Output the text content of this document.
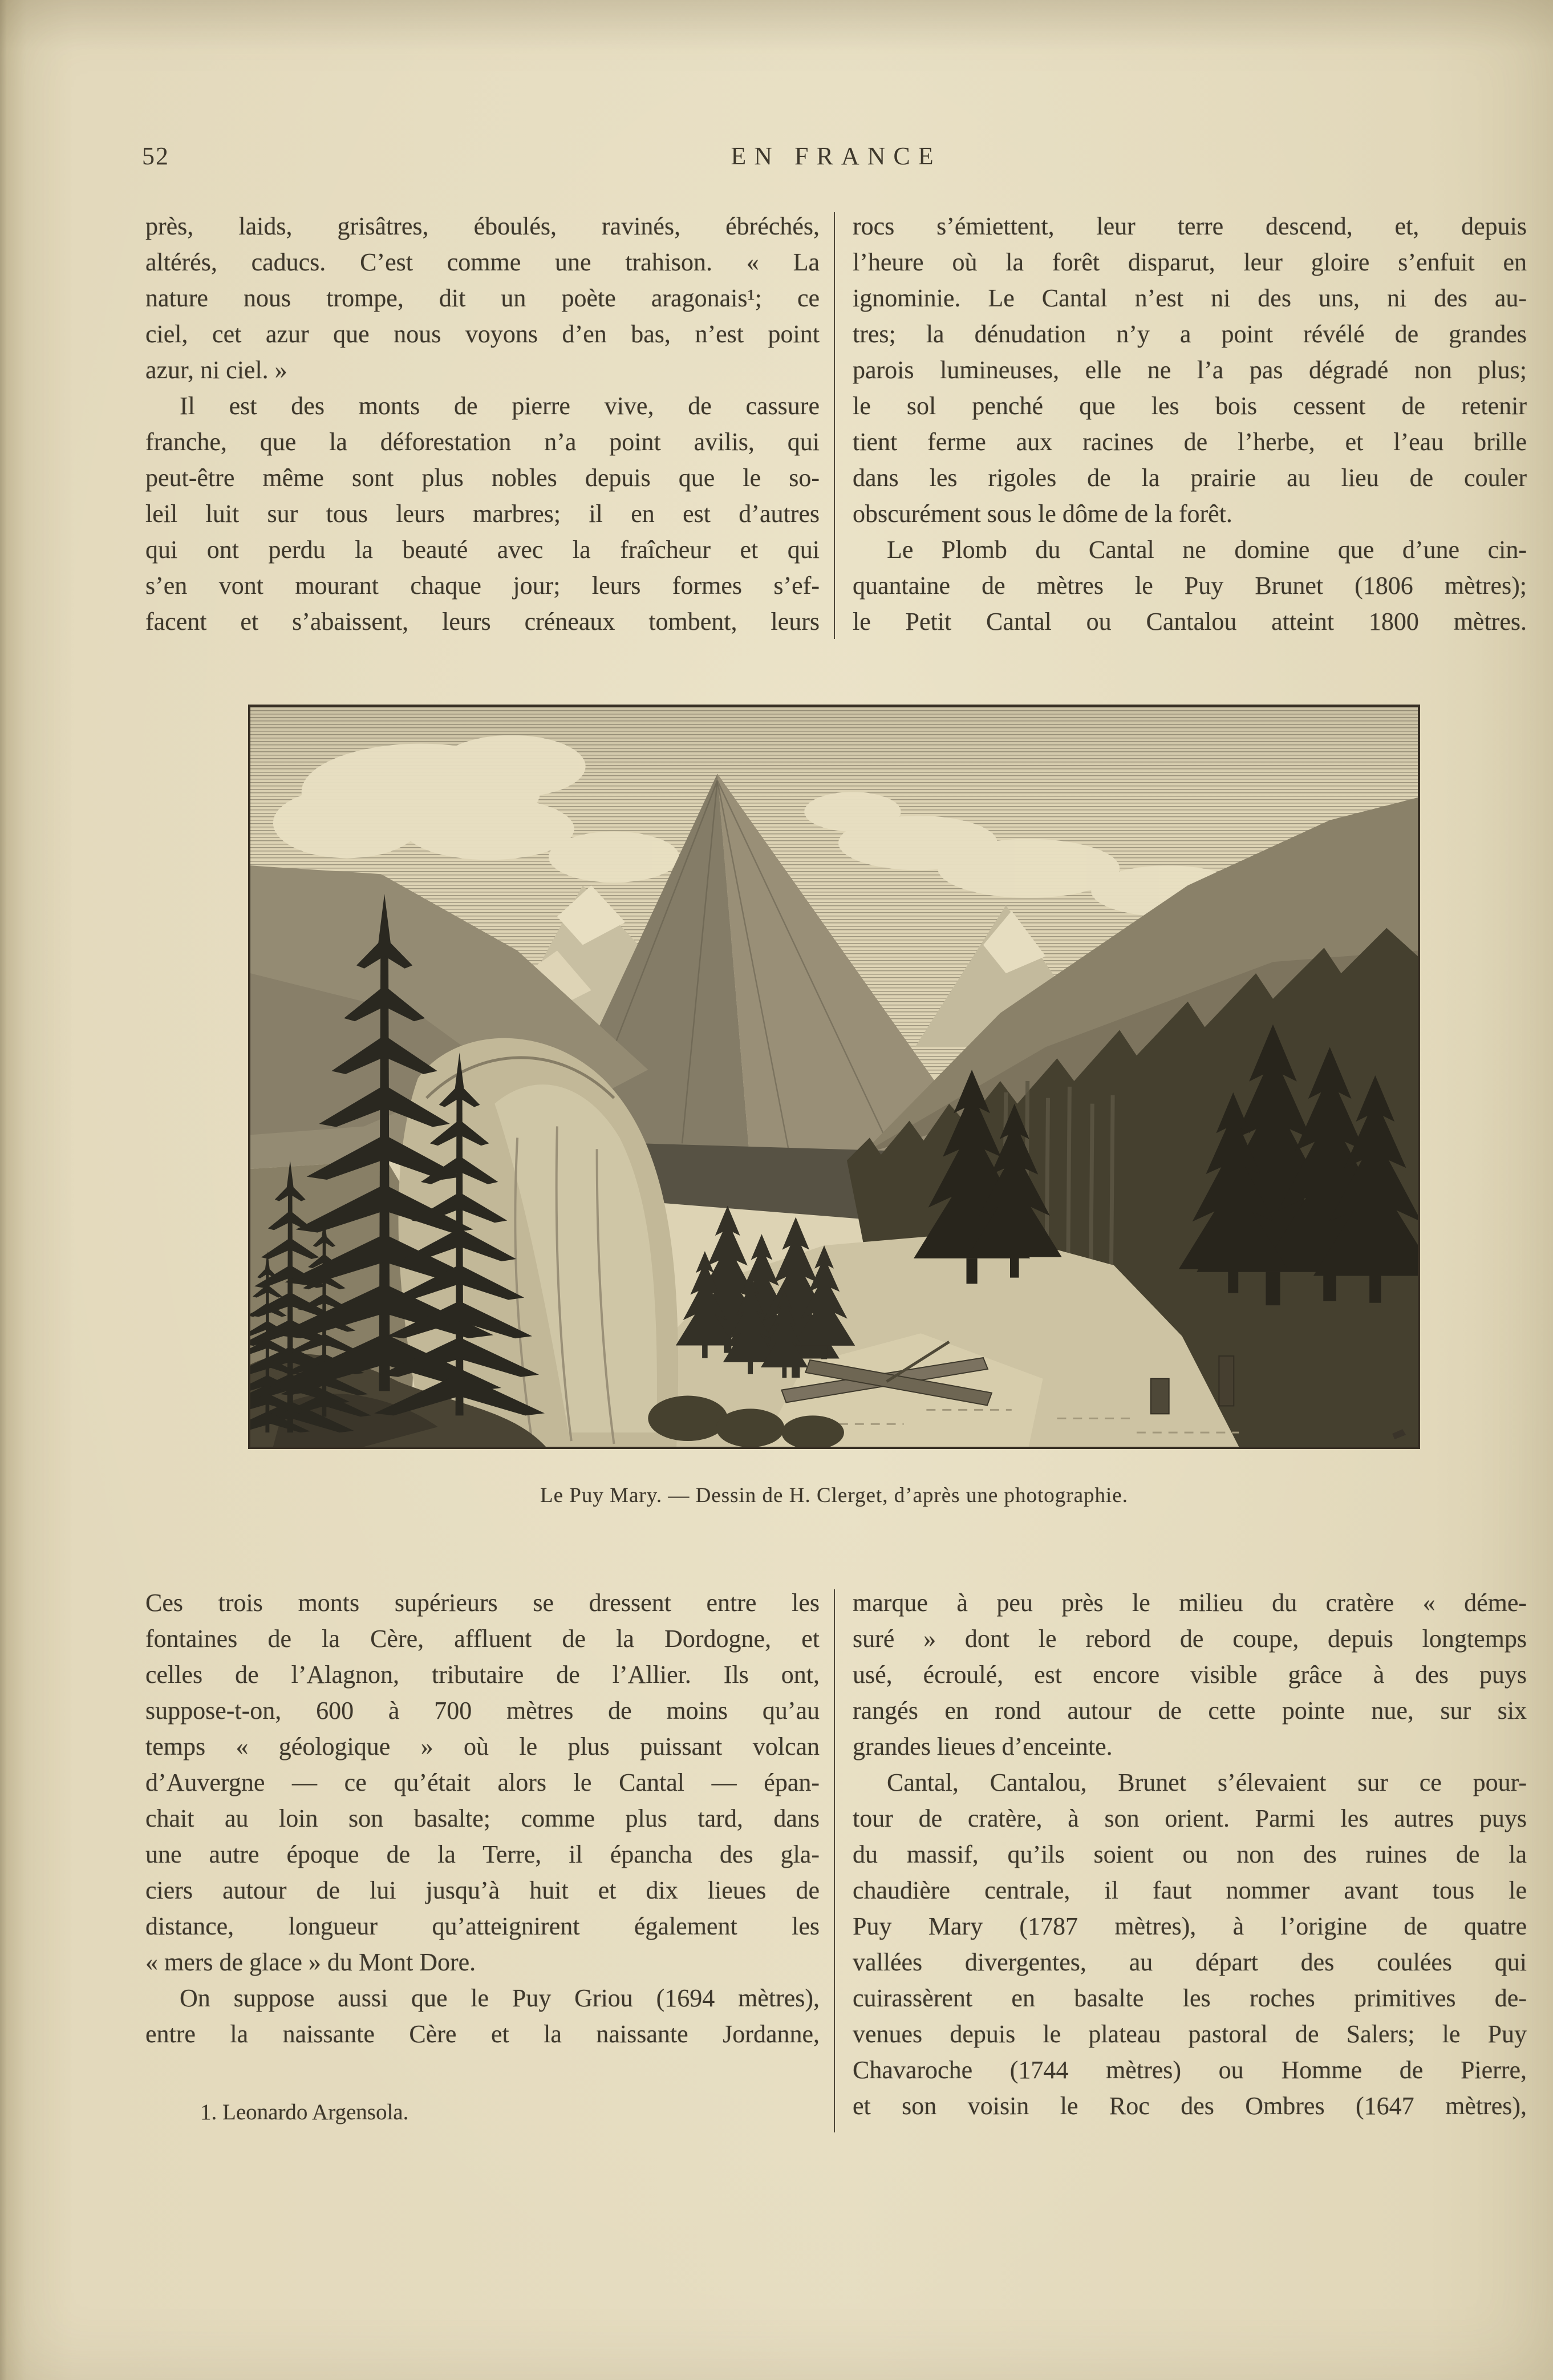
52	EN FRANCE
près, laids, grisâtres, éboulés, ravinés, ébréchés,
altérés, caducs. C’est comme une trahison. « La
nature nous trompe, dit un poète aragonais¹; ce
ciel, cet azur que nous voyons d’en bas, n’est point
azur, ni ciel. »
Il est des monts de pierre vive, de cassure
franche, que la déforestation n’a point avilis, qui
peut-être même sont plus nobles depuis que le so-
leil luit sur tous leurs marbres; il en est d’autres
qui ont perdu la beauté avec la fraîcheur et qui
s’en vont mourant chaque jour; leurs formes s’ef-
facent et s’abaissent, leurs créneaux tombent, leurs
rocs s’émiettent, leur terre descend, et, depuis
l’heure où la forêt disparut, leur gloire s’enfuit en
ignominie. Le Cantal n’est ni des uns, ni des au-
tres; la dénudation n’y a point révélé de grandes
parois lumineuses, elle ne l’a pas dégradé non plus;
le sol penché que les bois cessent de retenir
tient ferme aux racines de l’herbe, et l’eau brille
dans les rigoles de la prairie au lieu de couler
obscurément sous le dôme de la forêt.
Le Plomb du Cantal ne domine que d’une cin-
quantaine de mètres le Puy Brunet (1806 mètres);
le Petit Cantal ou Cantalou atteint 1800 mètres.
Le Puy Mary. — Dessin de H. Clerget, d’après une photographie.
Ces trois monts supérieurs se dressent entre les
fontaines de la Cère, affluent de la Dordogne, et
celles de l’Alagnon, tributaire de l’Allier. Ils ont,
suppose-t-on, 600 à 700 mètres de moins qu’au
temps « géologique » où le plus puissant volcan
d’Auvergne — ce qu’était alors le Cantal — épan-
chait au loin son basalte; comme plus tard, dans
une autre époque de la Terre, il épancha des gla-
ciers autour de lui jusqu’à huit et dix lieues de
distance, longueur qu’atteignirent également les
« mers de glace » du Mont Dore.
On suppose aussi que le Puy Griou (1694 mètres),
entre la naissante Cère et la naissante Jordanne,
marque à peu près le milieu du cratère « déme-
suré » dont le rebord de coupe, depuis longtemps
usé, écroulé, est encore visible grâce à des puys
rangés en rond autour de cette pointe nue, sur six
grandes lieues d’enceinte.
Cantal, Cantalou, Brunet s’élevaient sur ce pour-
tour de cratère, à son orient. Parmi les autres puys
du massif, qu’ils soient ou non des ruines de la
chaudière centrale, il faut nommer avant tous le
Puy Mary (1787 mètres), à l’origine de quatre
vallées divergentes, au départ des coulées qui
cuirassèrent en basalte les roches primitives de-
venues depuis le plateau pastoral de Salers; le Puy
Chavaroche (1744 mètres) ou Homme de Pierre,
et son voisin le Roc des Ombres (1647 mètres),
1. Leonardo Argensola.
